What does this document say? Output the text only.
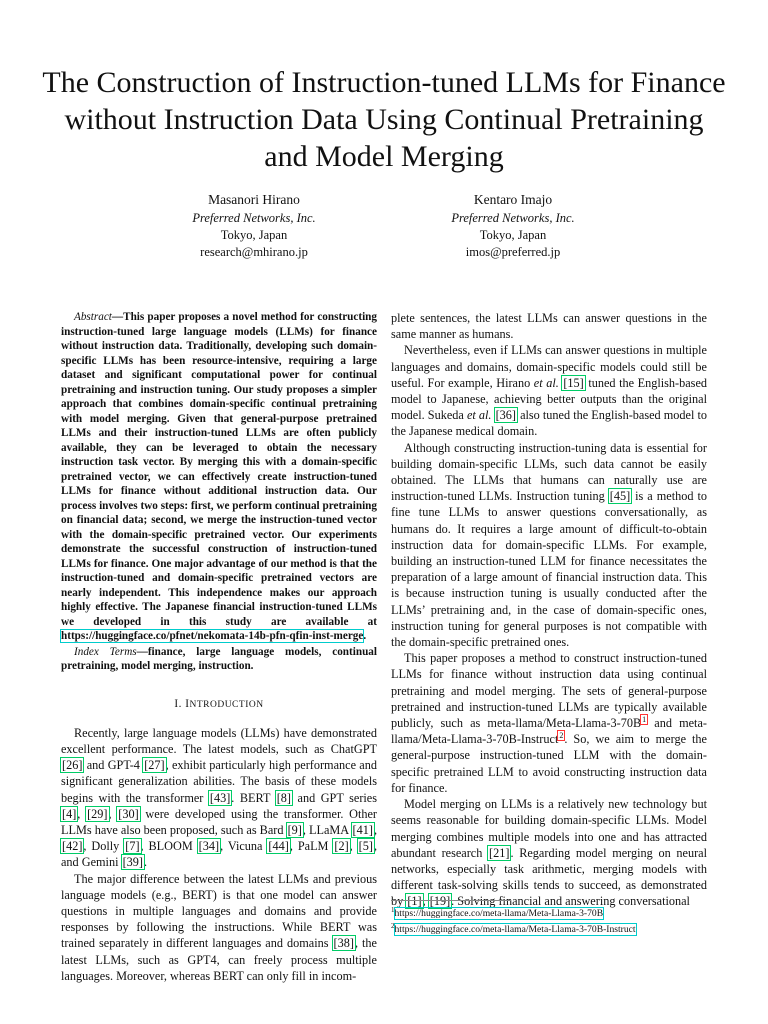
The Construction of Instruction-tuned LLMs for Finance without Instruction Data Using Continual Pretraining and Model Merging
Masanori Hirano
Preferred Networks, Inc.
Tokyo, Japan
research@mhirano.jp
Kentaro Imajo
Preferred Networks, Inc.
Tokyo, Japan
imos@preferred.jp

Abstract—This paper proposes a novel method for constructing instruction-tuned large language models (LLMs) for finance without instruction data. Traditionally, developing such domain-specific LLMs has been resource-intensive, requiring a large dataset and significant computational power for continual pretraining and instruction tuning. Our study proposes a simpler approach that combines domain-specific continual pretraining with model merging. Given that general-purpose pretrained LLMs and their instruction-tuned LLMs are often publicly available, they can be leveraged to obtain the necessary instruction task vector. By merging this with a domain-specific pretrained vector, we can effectively create instruction-tuned LLMs for finance without additional instruction data. Our process involves two steps: first, we perform continual pretraining on financial data; second, we merge the instruction-tuned vector with the domain-specific pretrained vector. Our experiments demonstrate the successful construction of instruction-tuned LLMs for finance. One major advantage of our method is that the instruction-tuned and domain-specific pretrained vectors are nearly independent. This independence makes our approach highly effective. The Japanese financial instruction-tuned LLMs we developed in this study are available at https://huggingface.co/pfnet/nekomata-14b-pfn-qfin-inst-merge.

Index Terms—finance, large language models, continual pretraining, model merging, instruction.

I. INTRODUCTION

Recently, large language models (LLMs) have demonstrated excellent performance. The latest models, such as ChatGPT [26] and GPT-4 [27], exhibit particularly high performance and significant generalization abilities. The basis of these models begins with the transformer [43]. BERT [8] and GPT series [4], [29], [30] were developed using the transformer. Other LLMs have also been proposed, such as Bard [9], LLaMA [41], [42], Dolly [7], BLOOM [34], Vicuna [44], PaLM [2], [5], and Gemini [39].

The major difference between the latest LLMs and previous language models (e.g., BERT) is that one model can answer questions in multiple languages and domains and provide responses by following the instructions. While BERT was trained separately in different languages and domains [38], the latest LLMs, such as GPT4, can freely process multiple languages. Moreover, whereas BERT can only fill in incom-

plete sentences, the latest LLMs can answer questions in the same manner as humans.

Nevertheless, even if LLMs can answer questions in multiple languages and domains, domain-specific models could still be useful. For example, Hirano et al. [15] tuned the English-based model to Japanese, achieving better outputs than the original model. Sukeda et al. [36] also tuned the English-based model to the Japanese medical domain.

Although constructing instruction-tuning data is essential for building domain-specific LLMs, such data cannot be easily obtained. The LLMs that humans can naturally use are instruction-tuned LLMs. Instruction tuning [45] is a method to fine tune LLMs to answer questions conversationally, as humans do. It requires a large amount of difficult-to-obtain instruction data for domain-specific LLMs. For example, building an instruction-tuned LLM for finance necessitates the preparation of a large amount of financial instruction data. This is because instruction tuning is usually conducted after the LLMs’ pretraining and, in the case of domain-specific ones, instruction tuning for general purposes is not compatible with the domain-specific pretrained ones.

This paper proposes a method to construct instruction-tuned LLMs for finance without instruction data using continual pretraining and model merging. The sets of general-purpose pretrained and instruction-tuned LLMs are typically available publicly, such as meta-llama/Meta-Llama-3-70B$^1$ and meta-llama/Meta-Llama-3-70B-Instruct$^2$. So, we aim to merge the general-purpose instruction-tuned LLM with the domain-specific pretrained LLM to avoid constructing instruction data for finance.

Model merging on LLMs is a relatively new technology but seems reasonable for building domain-specific LLMs. Model merging combines multiple models into one and has attracted abundant research [21]. Regarding model merging on neural networks, especially task arithmetic, merging models with different task-solving skills tends to succeed, as demonstrated by [1], [19]. Solving financial and answering conversational

$^1$https://huggingface.co/meta-llama/Meta-Llama-3-70B
$^2$https://huggingface.co/meta-llama/Meta-Llama-3-70B-Instruct
